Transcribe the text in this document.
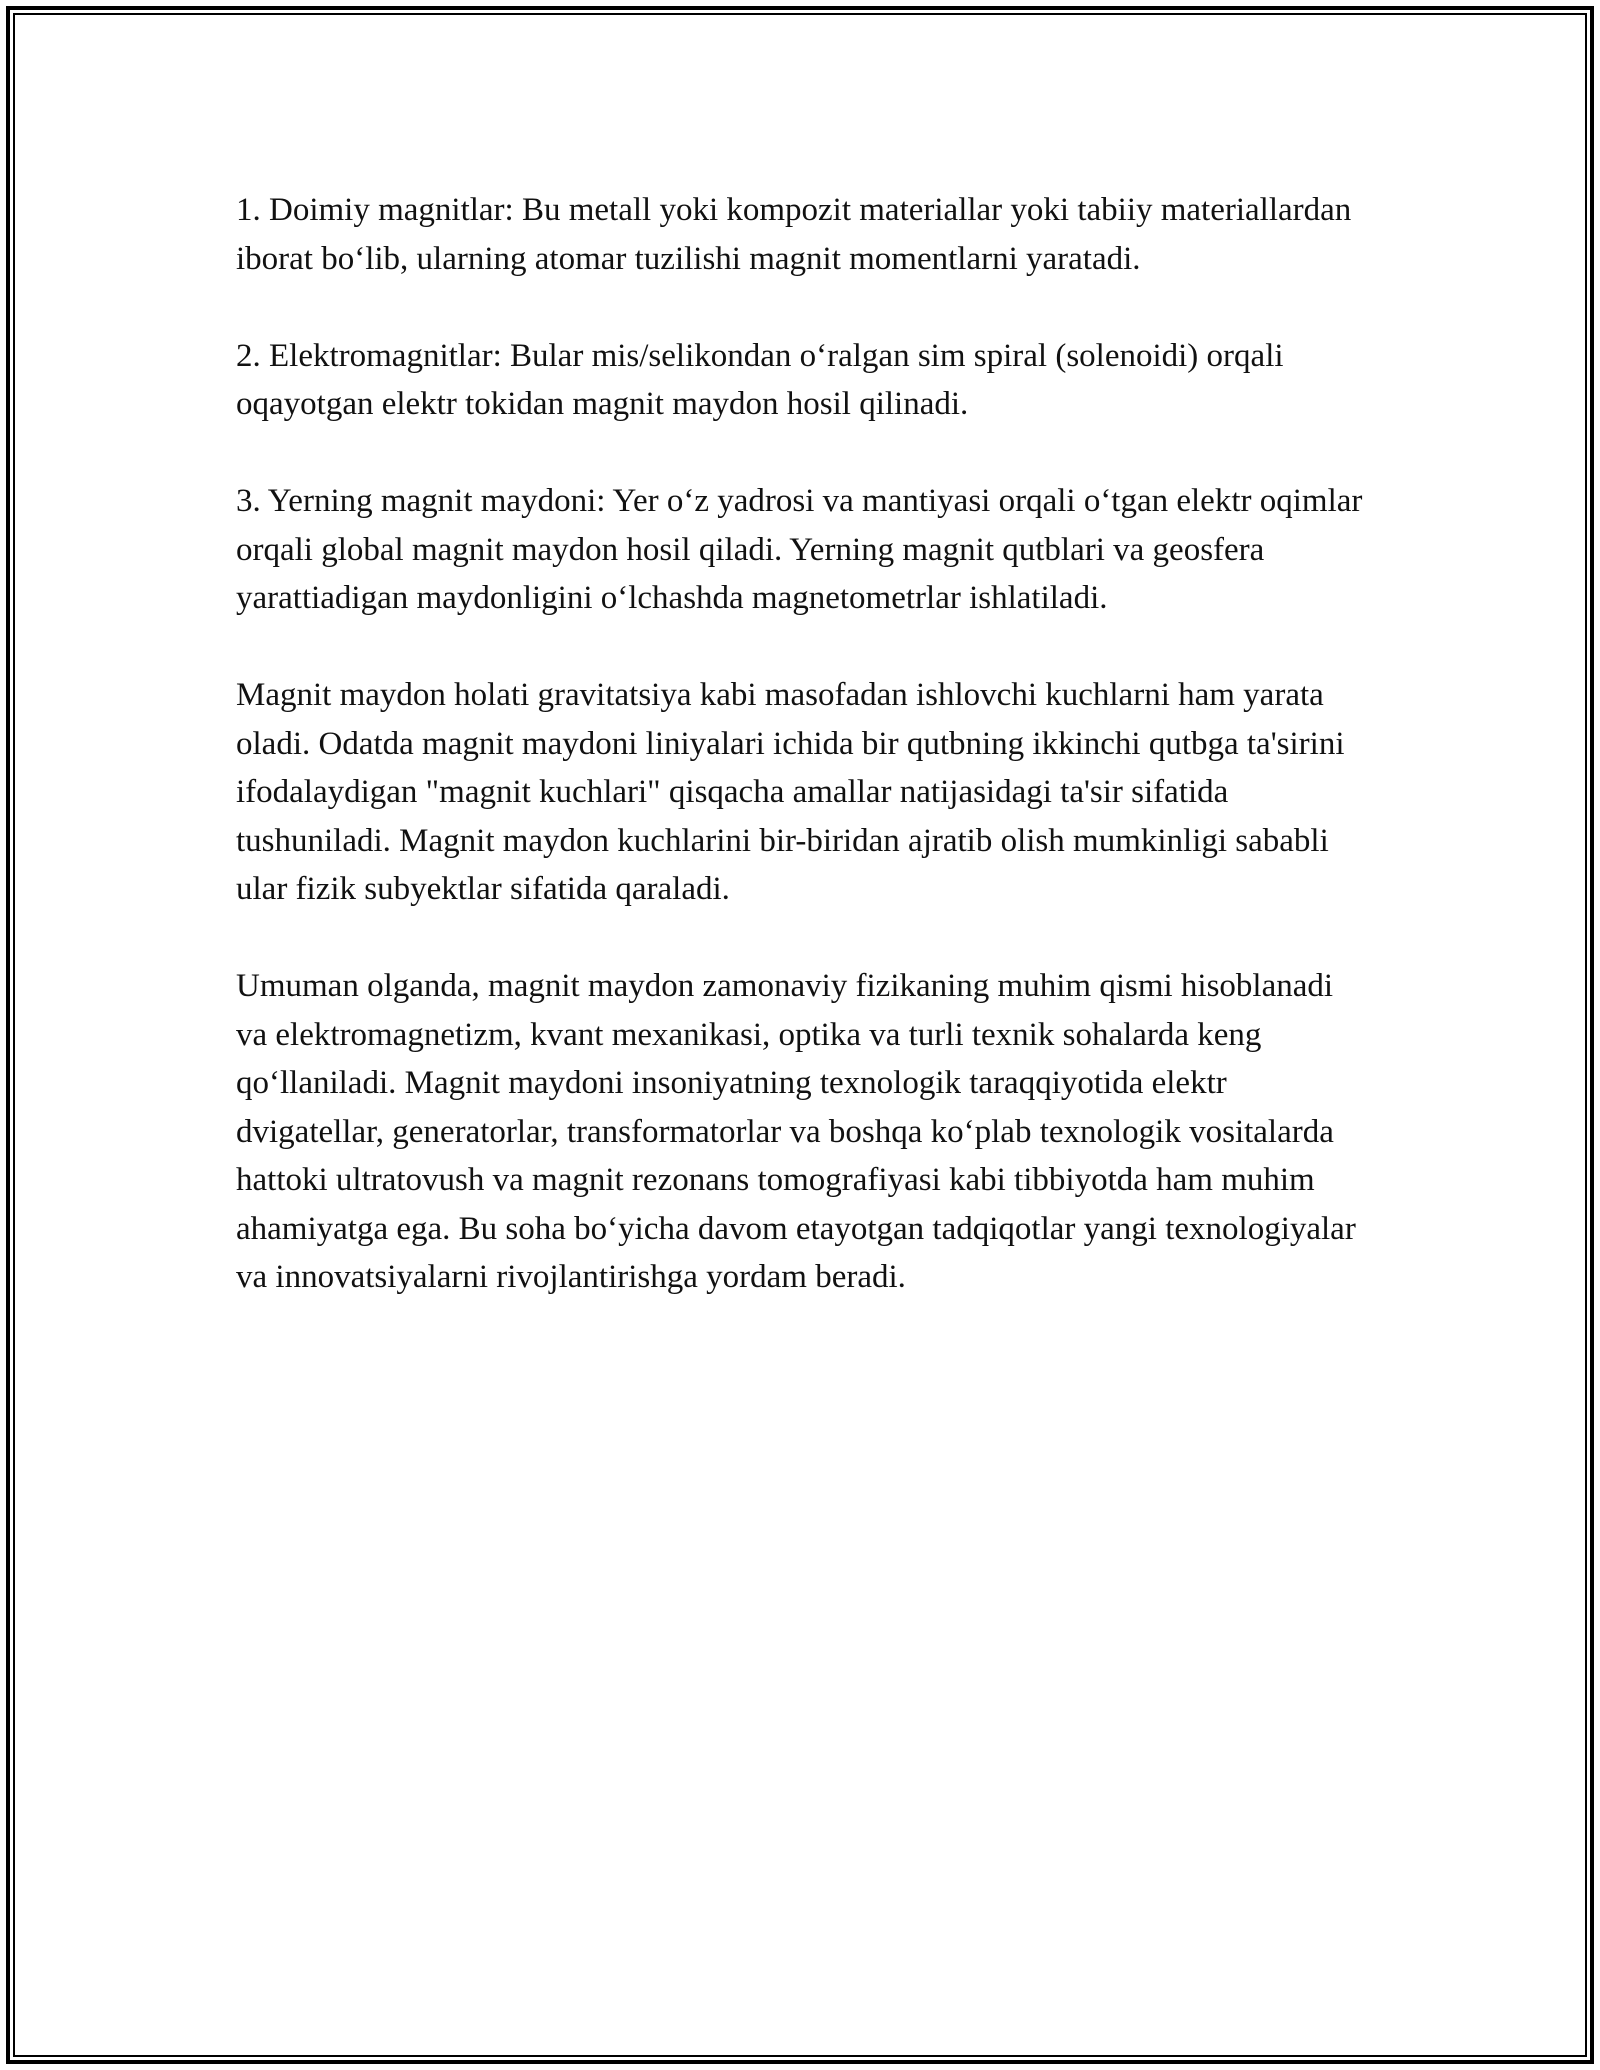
1. Doimiy magnitlar: Bu metall yoki kompozit materiallar yoki tabiiy materiallardan iborat bo‘lib, ularning atomar tuzilishi magnit momentlarni yaratadi.

2. Elektromagnitlar: Bular mis/selikondan o‘ralgan sim spiral (solenoidi) orqali oqayotgan elektr tokidan magnit maydon hosil qilinadi.

3. Yerning magnit maydoni: Yer o‘z yadrosi va mantiyasi orqali o‘tgan elektr oqimlar orqali global magnit maydon hosil qiladi. Yerning magnit qutblari va geosfera yarattiadigan maydonligini o‘lchashda magnetometrlar ishlatiladi.

Magnit maydon holati gravitatsiya kabi masofadan ishlovchi kuchlarni ham yarata oladi. Odatda magnit maydoni liniyalari ichida bir qutbning ikkinchi qutbga ta'sirini ifodalaydigan "magnit kuchlari" qisqacha amallar natijasidagi ta'sir sifatida tushuniladi. Magnit maydon kuchlarini bir-biridan ajratib olish mumkinligi sababli ular fizik subyektlar sifatida qaraladi.

Umuman olganda, magnit maydon zamonaviy fizikaning muhim qismi hisoblanadi va elektromagnetizm, kvant mexanikasi, optika va turli texnik sohalarda keng qo‘llaniladi. Magnit maydoni insoniyatning texnologik taraqqiyotida elektr dvigatellar, generatorlar, transformatorlar va boshqa ko‘plab texnologik vositalarda hattoki ultratovush va magnit rezonans tomografiyasi kabi tibbiyotda ham muhim ahamiyatga ega. Bu soha bo‘yicha davom etayotgan tadqiqotlar yangi texnologiyalar va innovatsiyalarni rivojlantirishga yordam beradi.
